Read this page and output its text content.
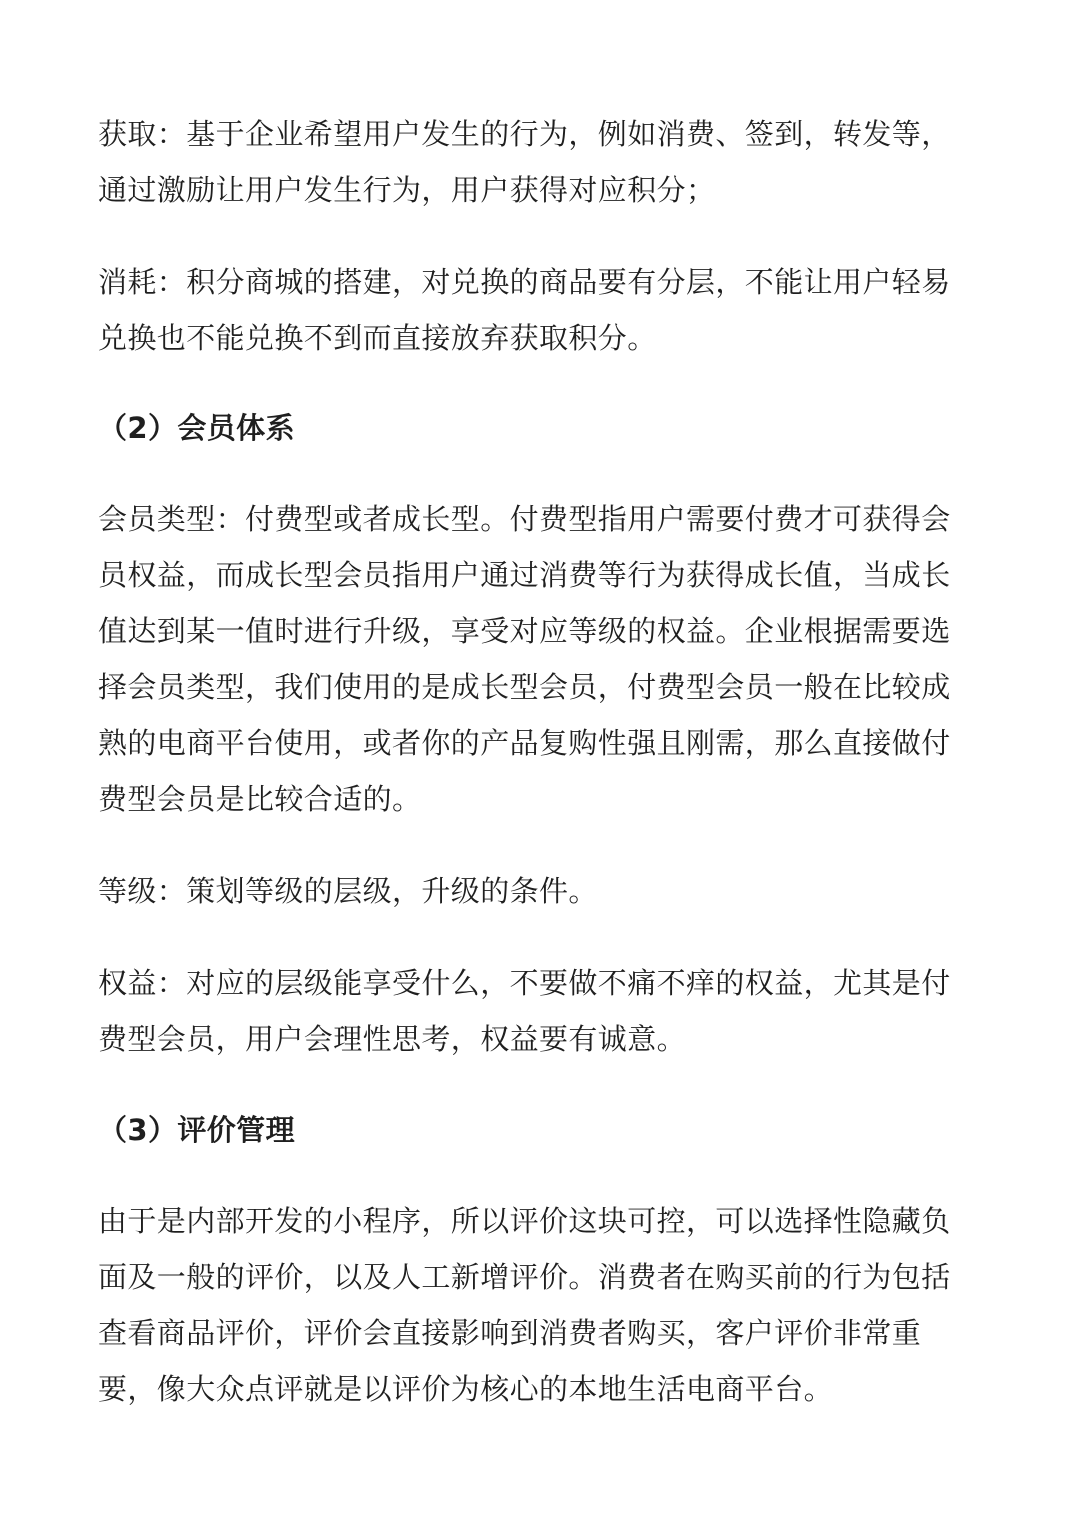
获取：基于企业希望用户发生的行为，例如消费、签到，转发等，通过激励让用户发生行为，用户获得对应积分；

消耗：积分商城的搭建，对兑换的商品要有分层，不能让用户轻易兑换也不能兑换不到而直接放弃获取积分。

（2）会员体系

会员类型：付费型或者成长型。付费型指用户需要付费才可获得会员权益，而成长型会员指用户通过消费等行为获得成长值，当成长值达到某一值时进行升级，享受对应等级的权益。企业根据需要选择会员类型，我们使用的是成长型会员，付费型会员一般在比较成熟的电商平台使用，或者你的产品复购性强且刚需，那么直接做付费型会员是比较合适的。

等级：策划等级的层级，升级的条件。

权益：对应的层级能享受什么，不要做不痛不痒的权益，尤其是付费型会员，用户会理性思考，权益要有诚意。

（3）评价管理

由于是内部开发的小程序，所以评价这块可控，可以选择性隐藏负面及一般的评价，以及人工新增评价。消费者在购买前的行为包括查看商品评价，评价会直接影响到消费者购买，客户评价非常重要，像大众点评就是以评价为核心的本地生活电商平台。
